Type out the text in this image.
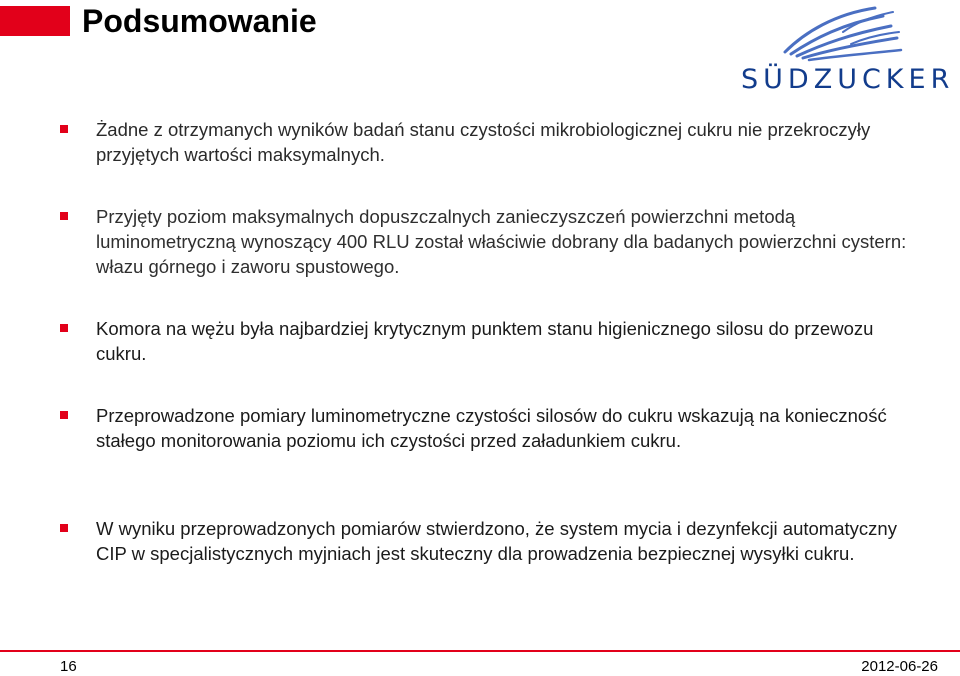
Podsumowanie
SÜDZUCKER
Żadne z otrzymanych wyników badań stanu czystości mikrobiologicznej cukru nie przekroczyły przyjętych wartości maksymalnych.
Przyjęty poziom maksymalnych dopuszczalnych zanieczyszczeń powierzchni metodą luminometryczną wynoszący 400 RLU został właściwie dobrany dla badanych powierzchni cystern: włazu górnego i zaworu spustowego.
Komora na wężu była najbardziej krytycznym punktem stanu higienicznego silosu do przewozu cukru.
Przeprowadzone pomiary luminometryczne czystości silosów do cukru wskazują na konieczność stałego monitorowania poziomu ich czystości przed załadunkiem cukru.
W wyniku przeprowadzonych pomiarów stwierdzono, że system mycia i dezynfekcji automatyczny CIP w specjalistycznych myjniach jest skuteczny dla prowadzenia bezpiecznej wysyłki cukru.
16	2012-06-26
